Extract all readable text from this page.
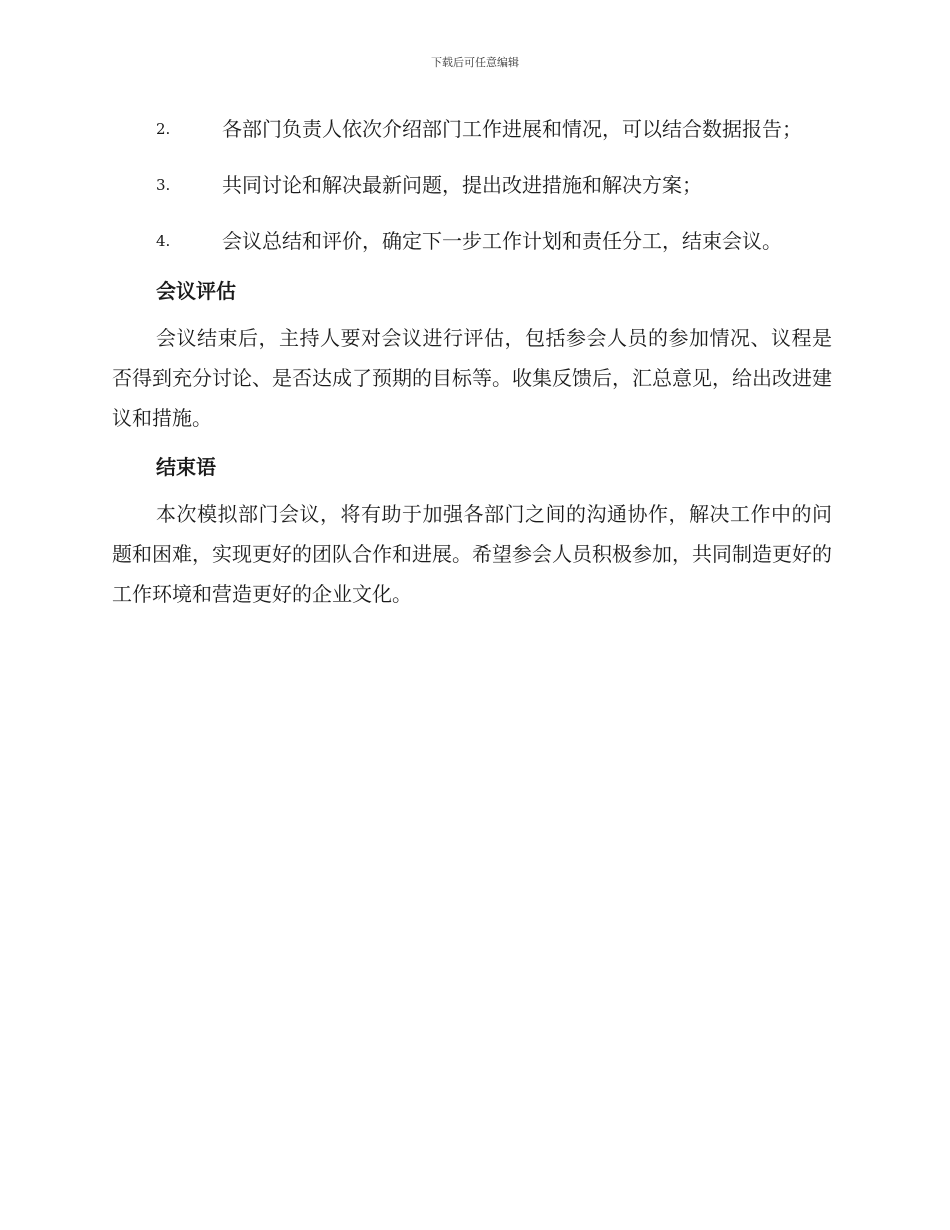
下载后可任意编辑
2.	各部门负责人依次介绍部门工作进展和情况，可以结合数据报告；
3.	共同讨论和解决最新问题，提出改进措施和解决方案；
4.	会议总结和评价，确定下一步工作计划和责任分工，结束会议。
会议评估

会议结束后，主持人要对会议进行评估，包括参会人员的参加情况、议程是否得到充分讨论、是否达成了预期的目标等。收集反馈后，汇总意见，给出改进建议和措施。

结束语

本次模拟部门会议，将有助于加强各部门之间的沟通协作，解决工作中的问题和困难，实现更好的团队合作和进展。希望参会人员积极参加，共同制造更好的工作环境和营造更好的企业文化。
